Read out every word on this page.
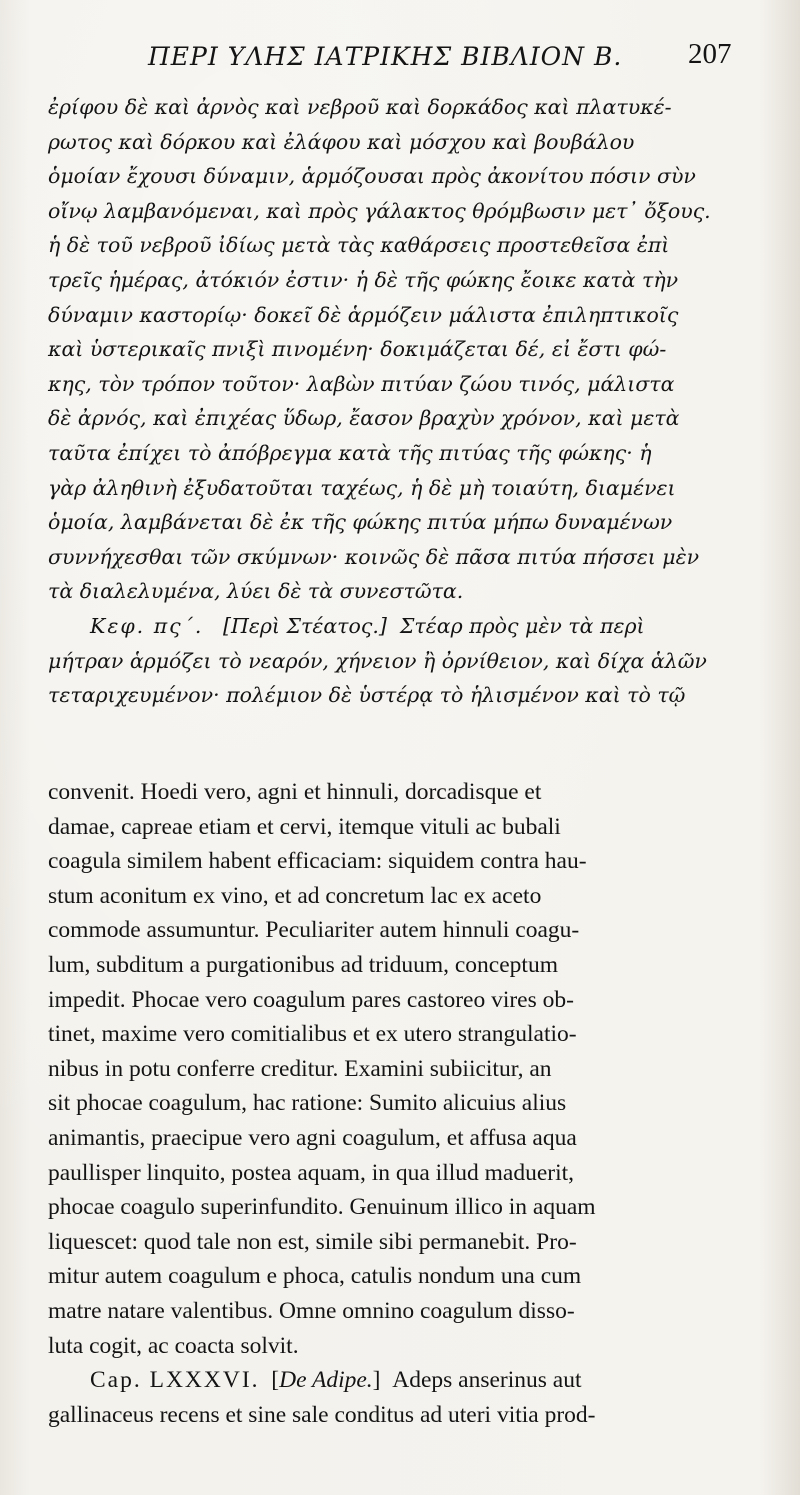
ΠΕΡΙ ΥΛΗΣ ΙΑΤΡΙΚΗΣ ΒΙΒΛΙΟΝ Β. 207
ἐρίφου δὲ καὶ ἀρνὸς καὶ νεβροῦ καὶ δορκάδος καὶ πλατυκέ-
ρωτος καὶ δόρκου καὶ ἐλάφου καὶ μόσχου καὶ βουβάλου
ὁμοίαν ἔχουσι δύναμιν, ἁρμόζουσαι πρὸς ἀκονίτου πόσιν σὺν
οἴνῳ λαμβανόμεναι, καὶ πρὸς γάλακτος θρόμβωσιν μετ᾽ ὄξους.
ἡ δὲ τοῦ νεβροῦ ἰδίως μετὰ τὰς καθάρσεις προστεθεῖσα ἐπὶ
τρεῖς ἡμέρας, ἀτόκιόν ἐστιν· ἡ δὲ τῆς φώκης ἔοικε κατὰ τὴν
δύναμιν καστορίῳ· δοκεῖ δὲ ἁρμόζειν μάλιστα ἐπιληπτικοῖς
καὶ ὑστερικαῖς πνιξὶ πινομένη· δοκιμάζεται δέ, εἰ ἔστι φώ-
κης, τὸν τρόπον τοῦτον· λαβὼν πιτύαν ζώου τινός, μάλιστα
δὲ ἀρνός, καὶ ἐπιχέας ὕδωρ, ἔασον βραχὺν χρόνον, καὶ μετὰ
ταῦτα ἐπίχει τὸ ἀπόβρεγμα κατὰ τῆς πιτύας τῆς φώκης· ἡ
γὰρ ἀληθινὴ ἐξυδατοῦται ταχέως, ἡ δὲ μὴ τοιαύτη, διαμένει
ὁμοία, λαμβάνεται δὲ ἐκ τῆς φώκης πιτύα μήπω δυναμένων
συννήχεσθαι τῶν σκύμνων· κοινῶς δὲ πᾶσα πιτύα πήσσει μὲν
τὰ διαλελυμένα, λύει δὲ τὰ συνεστῶτα.
Κεφ. πς΄. [Περὶ Στέατος.] Στέαρ πρὸς μὲν τὰ περὶ
μήτραν ἁρμόζει τὸ νεαρόν, χήνειον ἢ ὀρνίθειον, καὶ δίχα ἁλῶν
τεταριχευμένον· πολέμιον δὲ ὑστέρᾳ τὸ ἡλισμένον καὶ τὸ τῷ
convenit. Hoedi vero, agni et hinnuli, dorcadisque et
damae, capreae etiam et cervi, itemque vituli ac bubali
coagula similem habent efficaciam: siquidem contra hau-
stum aconitum ex vino, et ad concretum lac ex aceto
commode assumuntur. Peculiariter autem hinnuli coagu-
lum, subditum a purgationibus ad triduum, conceptum
impedit. Phocae vero coagulum pares castoreo vires ob-
tinet, maxime vero comitialibus et ex utero strangulatio-
nibus in potu conferre creditur. Examini subiicitur, an
sit phocae coagulum, hac ratione: Sumito alicuius alius
animantis, praecipue vero agni coagulum, et affusa aqua
paullisper linquito, postea aquam, in qua illud maduerit,
phocae coagulo superinfundito. Genuinum illico in aquam
liquescet: quod tale non est, simile sibi permanebit. Pro-
mitur autem coagulum e phoca, catulis nondum una cum
matre natare valentibus. Omne omnino coagulum disso-
luta cogit, ac coacta solvit.
Cap. LXXXVI. [De Adipe.] Adeps anserinus aut
gallinaceus recens et sine sale conditus ad uteri vitia prod-
